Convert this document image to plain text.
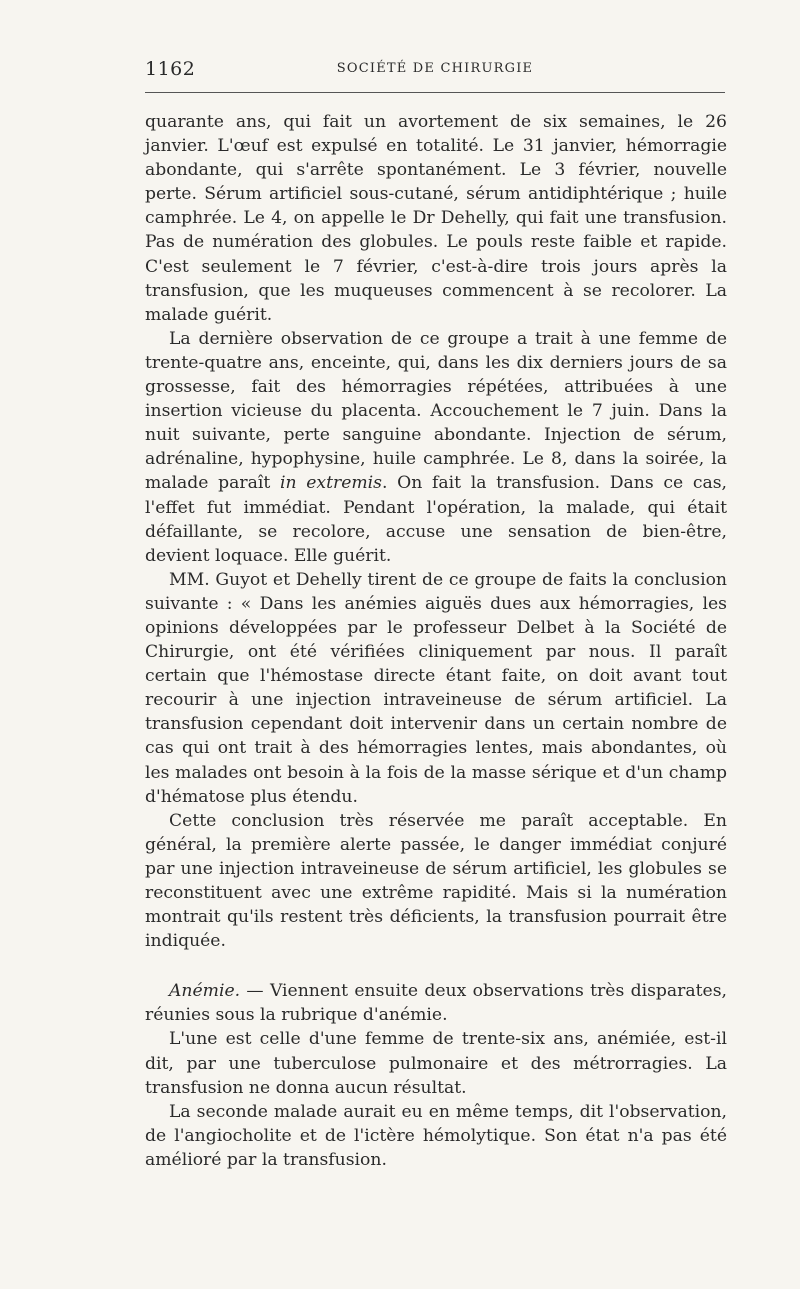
1162	SOCIÉTÉ DE CHIRURGIE

quarante ans, qui fait un avortement de six semaines, le 26 janvier. L'œuf est expulsé en totalité. Le 31 janvier, hémorragie abondante, qui s'arrête spontanément. Le 3 février, nouvelle perte. Sérum artificiel sous-cutané, sérum antidiphtérique ; huile camphrée. Le 4, on appelle le Dr Dehelly, qui fait une transfusion. Pas de numération des globules. Le pouls reste faible et rapide. C'est seulement le 7 février, c'est-à-dire trois jours après la transfusion, que les muqueuses commencent à se recolorer. La malade guérit.

La dernière observation de ce groupe a trait à une femme de trente-quatre ans, enceinte, qui, dans les dix derniers jours de sa grossesse, fait des hémorragies répétées, attribuées à une insertion vicieuse du placenta. Accouchement le 7 juin. Dans la nuit suivante, perte sanguine abondante. Injection de sérum, adrénaline, hypophysine, huile camphrée. Le 8, dans la soirée, la malade paraît in extremis. On fait la transfusion. Dans ce cas, l'effet fut immédiat. Pendant l'opération, la malade, qui était défaillante, se recolore, accuse une sensation de bien-être, devient loquace. Elle guérit.

MM. Guyot et Dehelly tirent de ce groupe de faits la conclusion suivante : « Dans les anémies aiguës dues aux hémorragies, les opinions développées par le professeur Delbet à la Société de Chirurgie, ont été vérifiées cliniquement par nous. Il paraît certain que l'hémostase directe étant faite, on doit avant tout recourir à une injection intraveineuse de sérum artificiel. La transfusion cependant doit intervenir dans un certain nombre de cas qui ont trait à des hémorragies lentes, mais abondantes, où les malades ont besoin à la fois de la masse sérique et d'un champ d'hématose plus étendu.

Cette conclusion très réservée me paraît acceptable. En général, la première alerte passée, le danger immédiat conjuré par une injection intraveineuse de sérum artificiel, les globules se reconstituent avec une extrême rapidité. Mais si la numération montrait qu'ils restent très déficients, la transfusion pourrait être indiquée.

Anémie. — Viennent ensuite deux observations très disparates, réunies sous la rubrique d'anémie.

L'une est celle d'une femme de trente-six ans, anémiée, est-il dit, par une tuberculose pulmonaire et des métrorragies. La transfusion ne donna aucun résultat.

La seconde malade aurait eu en même temps, dit l'observation, de l'angiocholite et de l'ictère hémolytique. Son état n'a pas été amélioré par la transfusion.
